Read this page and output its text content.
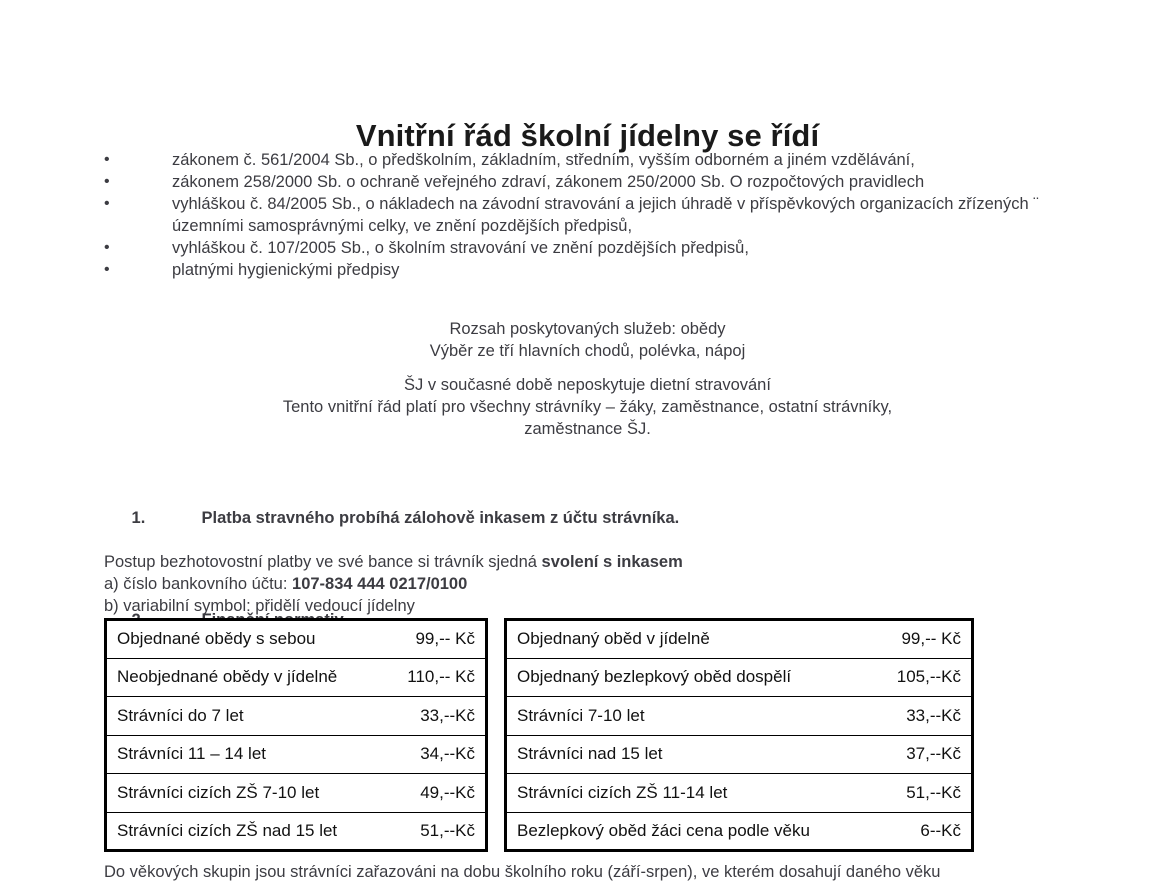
Vnitřní řád školní jídelny se řídí
•	zákonem č. 561/2004 Sb., o předškolním, základním, středním, vyšším odborném a jiném vzdělávání,
•	zákonem 258/2000 Sb. o ochraně veřejného zdraví, zákonem 250/2000 Sb. O rozpočtových pravidlech
•	vyhláškou č. 84/2005 Sb., o nákladech na závodní stravování a jejich úhradě v příspěvkových organizacích zřízených ¨
územními samosprávnými celky, ve znění pozdějších předpisů,
•	vyhláškou č. 107/2005 Sb., o školním stravování ve znění pozdějších předpisů,
•	platnými hygienickými předpisy

Rozsah poskytovaných služeb: obědy

Výběr ze tří hlavních chodů, polévka, nápoj

ŠJ v současné době neposkytuje dietní stravování

Tento vnitřní řád platí pro všechny strávníky – žáky, zaměstnance, ostatní strávníky,

zaměstnance ŠJ.

1.	Platba stravného probíhá zálohově inkasem z účtu strávníka.

Postup bezhotovostní platby ve své bance si trávník sjedná svolení s inkasem
a) číslo bankovního účtu: 107-834 444 0217/0100
b) variabilní symbol: přidělí vedoucí jídelny

Objednané obědy s sebou	99,-- Kč
Neobjednané obědy v jídelně	110,-- Kč
Strávníci do 7 let	33,--Kč
Strávníci 11 – 14 let	34,--Kč
Strávníci cizích ZŠ 7-10 let	49,--Kč
Strávníci cizích ZŠ nad 15 let	51,--Kč
Objednaný oběd v jídelně	99,-- Kč
Objednaný bezlepkový oběd dospělí	105,--Kč
Strávníci 7-10 let	33,--Kč
Strávníci nad 15 let	37,--Kč
Strávníci cizích ZŠ 11-14 let	51,--Kč
Bezlepkový oběd žáci cena podle věku	6--Kč
Do věkových skupin jsou strávníci zařazováni na dobu školního roku (září-srpen), ve kterém dosahují daného věku
